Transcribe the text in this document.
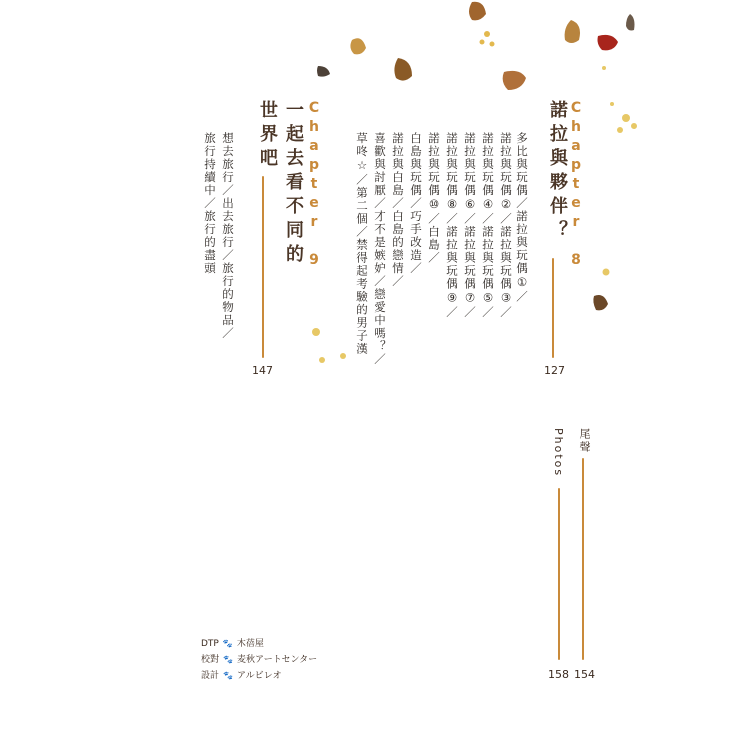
Chapter 8
諾拉與夥伴？
127
多比與玩偶／諾拉與玩偶①／
諾拉與玩偶②／諾拉與玩偶③／
諾拉與玩偶④／諾拉與玩偶⑤／
諾拉與玩偶⑥／諾拉與玩偶⑦／
諾拉與玩偶⑧／諾拉與玩偶⑨／
諾拉與玩偶⑩／白島／
白島與玩偶／巧手改造／
諾拉與白島／白島的戀情／
喜歡與討厭／才不是嫉妒／戀愛中嗎？／
草咚☆／第二個／禁得起考驗的男子漢
Chapter 9
一起去看不同的
世界吧
147
想去旅行／出去旅行／旅行的物品／
旅行持續中／旅行的盡頭
尾聲
154
Photos
158
DTP 🐾 木蓓屋
校對 🐾 麦秋アートセンター
設計 🐾 アルビレオ
